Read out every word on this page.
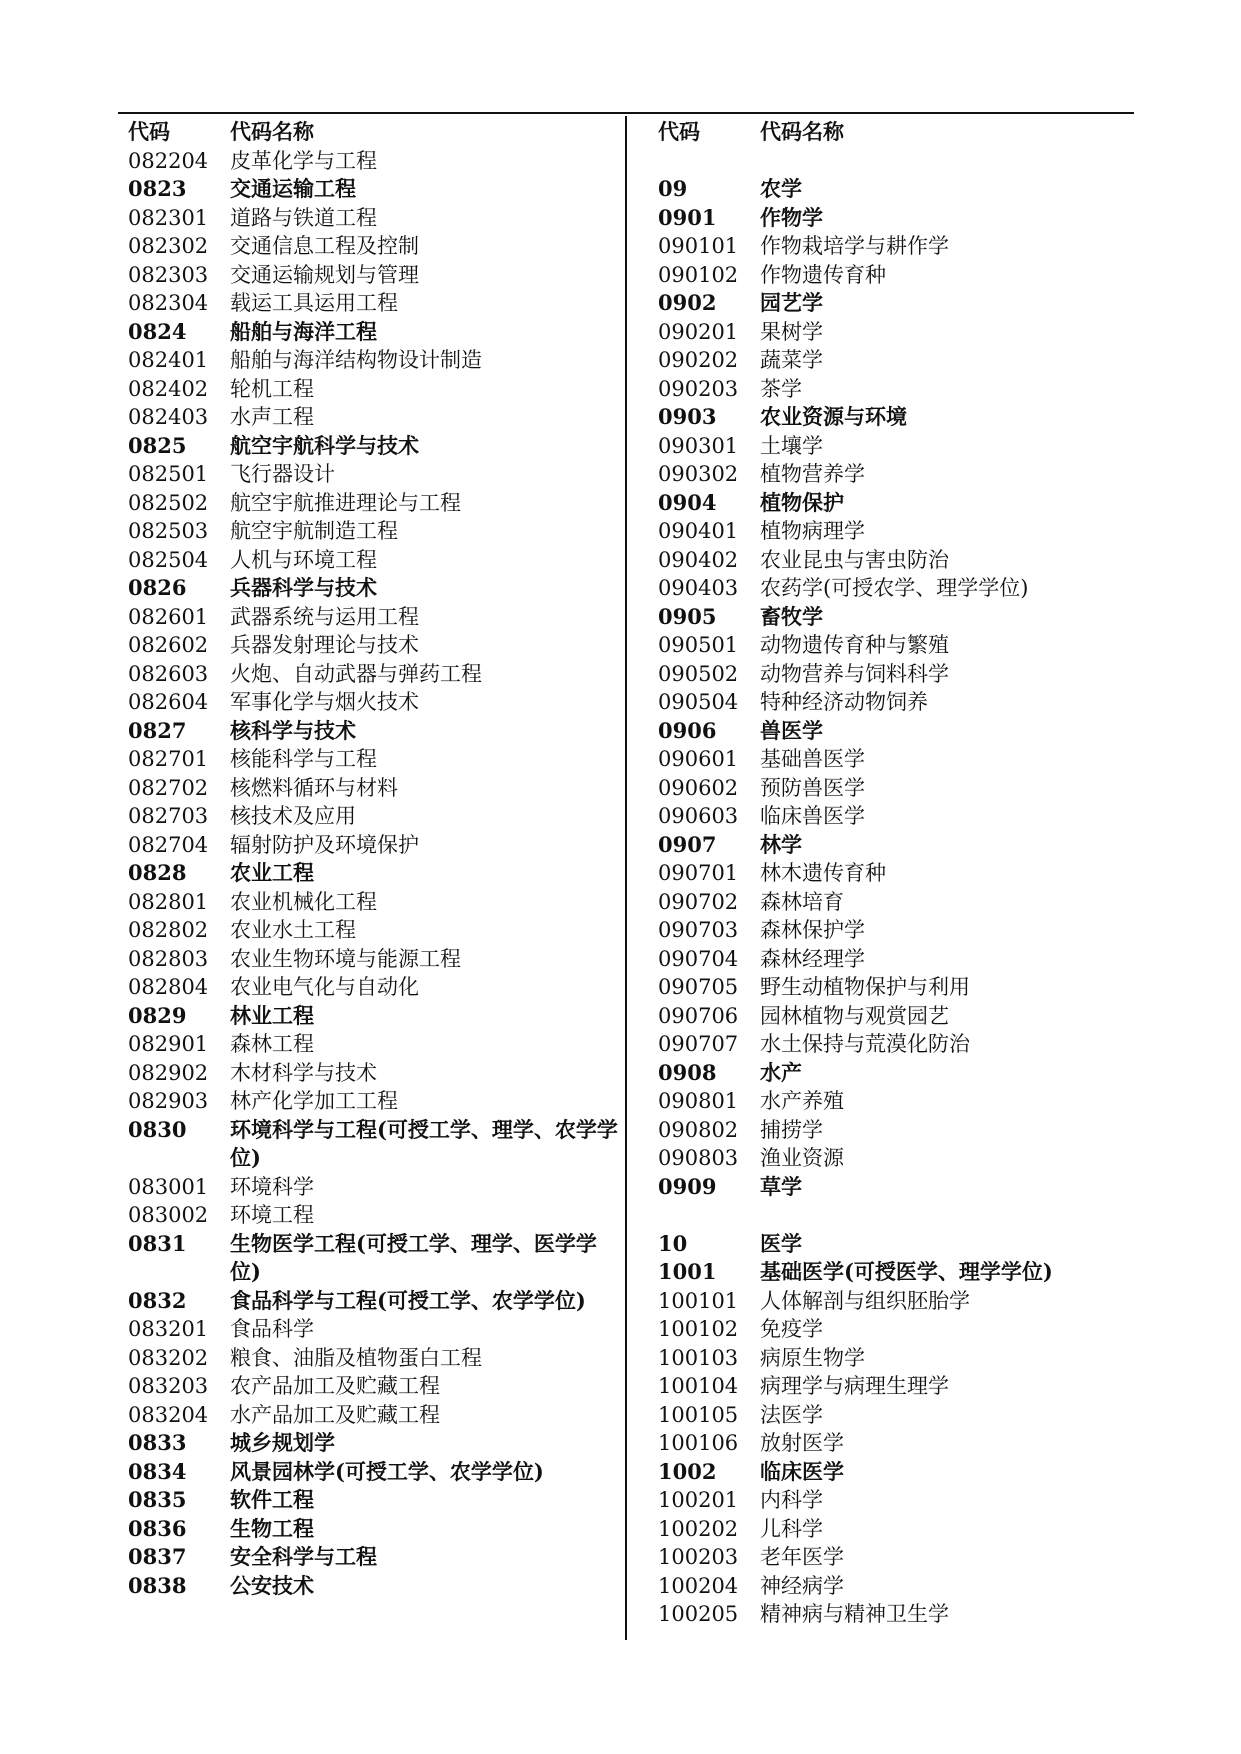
代码	代码名称
082204	皮革化学与工程
0823	交通运输工程
082301	道路与铁道工程
082302	交通信息工程及控制
082303	交通运输规划与管理
082304	载运工具运用工程
0824	船舶与海洋工程
082401	船舶与海洋结构物设计制造
082402	轮机工程
082403	水声工程
0825	航空宇航科学与技术
082501	飞行器设计
082502	航空宇航推进理论与工程
082503	航空宇航制造工程
082504	人机与环境工程
0826	兵器科学与技术
082601	武器系统与运用工程
082602	兵器发射理论与技术
082603	火炮、自动武器与弹药工程
082604	军事化学与烟火技术
0827	核科学与技术
082701	核能科学与工程
082702	核燃料循环与材料
082703	核技术及应用
082704	辐射防护及环境保护
0828	农业工程
082801	农业机械化工程
082802	农业水土工程
082803	农业生物环境与能源工程
082804	农业电气化与自动化
0829	林业工程
082901	森林工程
082902	木材科学与技术
082903	林产化学加工工程
0830	环境科学与工程(可授工学、理学、农学学位)
083001	环境科学
083002	环境工程
0831	生物医学工程(可授工学、理学、医学学位)
0832	食品科学与工程(可授工学、农学学位)
083201	食品科学
083202	粮食、油脂及植物蛋白工程
083203	农产品加工及贮藏工程
083204	水产品加工及贮藏工程
0833	城乡规划学
0834	风景园林学(可授工学、农学学位)
0835	软件工程
0836	生物工程
0837	安全科学与工程
0838	公安技术
代码	代码名称
09	农学
0901	作物学
090101	作物栽培学与耕作学
090102	作物遗传育种
0902	园艺学
090201	果树学
090202	蔬菜学
090203	茶学
0903	农业资源与环境
090301	土壤学
090302	植物营养学
0904	植物保护
090401	植物病理学
090402	农业昆虫与害虫防治
090403	农药学(可授农学、理学学位)
0905	畜牧学
090501	动物遗传育种与繁殖
090502	动物营养与饲料科学
090504	特种经济动物饲养
0906	兽医学
090601	基础兽医学
090602	预防兽医学
090603	临床兽医学
0907	林学
090701	林木遗传育种
090702	森林培育
090703	森林保护学
090704	森林经理学
090705	野生动植物保护与利用
090706	园林植物与观赏园艺
090707	水土保持与荒漠化防治
0908	水产
090801	水产养殖
090802	捕捞学
090803	渔业资源
0909	草学
10	医学
1001	基础医学(可授医学、理学学位)
100101	人体解剖与组织胚胎学
100102	免疫学
100103	病原生物学
100104	病理学与病理生理学
100105	法医学
100106	放射医学
1002	临床医学
100201	内科学
100202	儿科学
100203	老年医学
100204	神经病学
100205	精神病与精神卫生学
